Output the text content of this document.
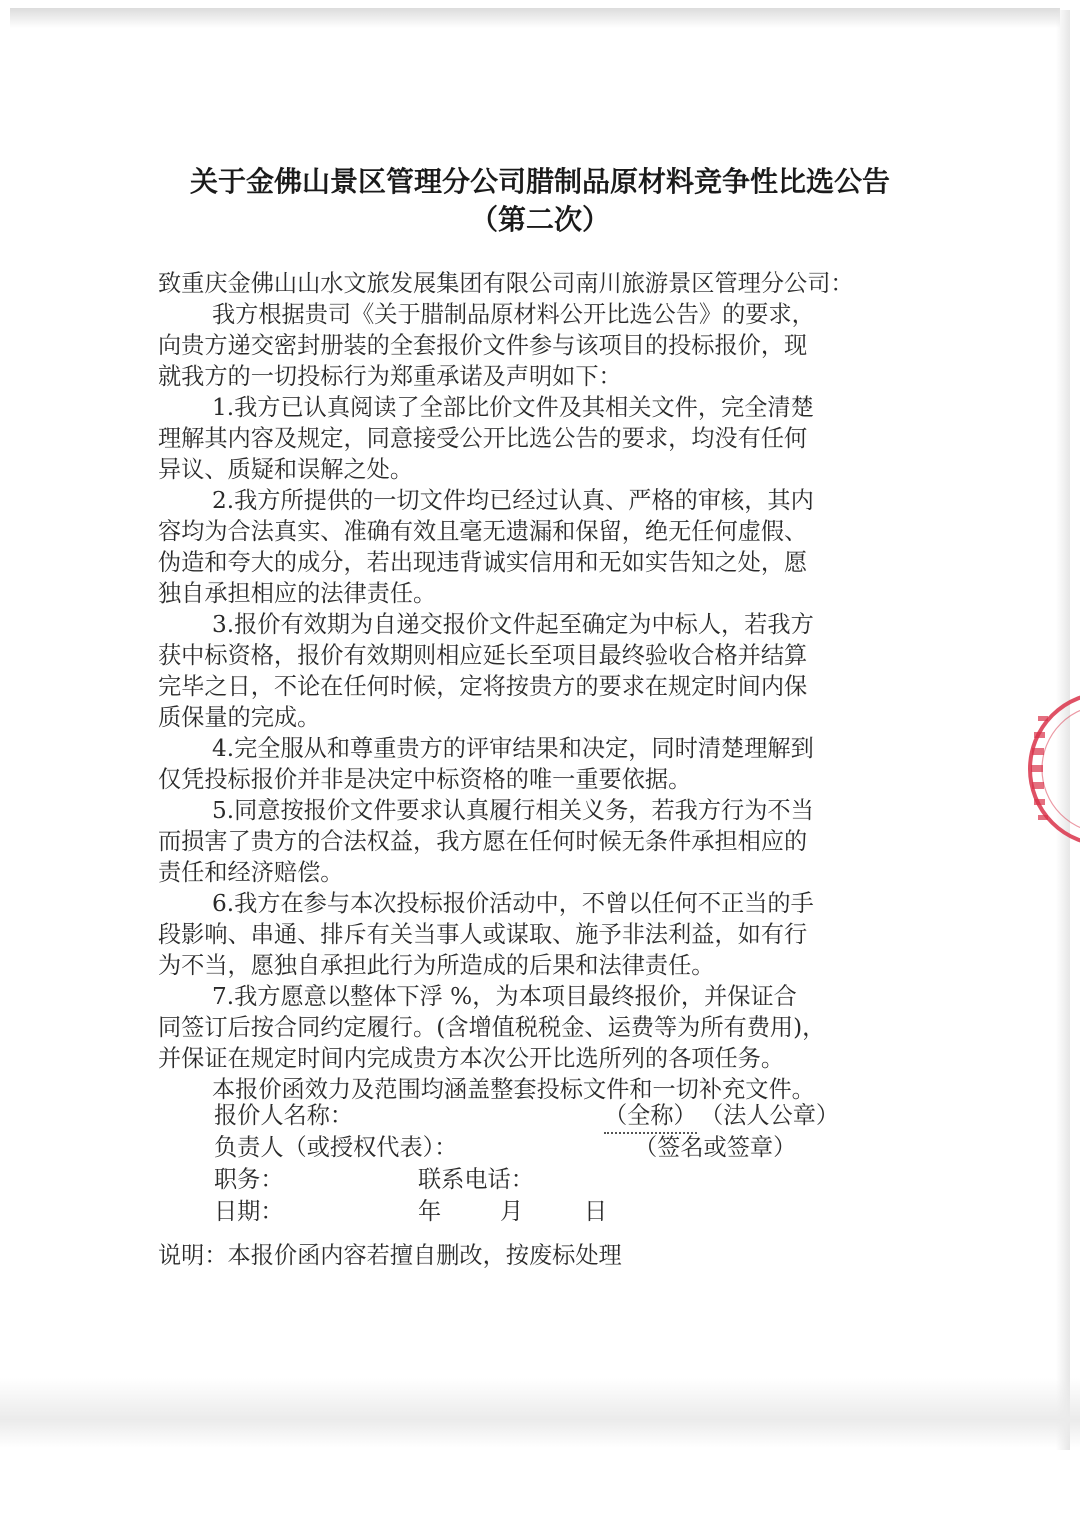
关于金佛山景区管理分公司腊制品原材料竞争性比选公告
（第二次）
致重庆金佛山山水文旅发展集团有限公司南川旅游景区管理分公司：
我方根据贵司《关于腊制品原材料公开比选公告》的要求，
向贵方递交密封册装的全套报价文件参与该项目的投标报价，现
就我方的一切投标行为郑重承诺及声明如下：
1.我方已认真阅读了全部比价文件及其相关文件，完全清楚
理解其内容及规定，同意接受公开比选公告的要求，均没有任何
异议、质疑和误解之处。
2.我方所提供的一切文件均已经过认真、严格的审核，其内
容均为合法真实、准确有效且毫无遗漏和保留，绝无任何虚假、
伪造和夸大的成分，若出现违背诚实信用和无如实告知之处，愿
独自承担相应的法律责任。
3.报价有效期为自递交报价文件起至确定为中标人，若我方
获中标资格，报价有效期则相应延长至项目最终验收合格并结算
完毕之日，不论在任何时候，定将按贵方的要求在规定时间内保
质保量的完成。
4.完全服从和尊重贵方的评审结果和决定，同时清楚理解到
仅凭投标报价并非是决定中标资格的唯一重要依据。
5.同意按报价文件要求认真履行相关义务，若我方行为不当
而损害了贵方的合法权益，我方愿在任何时候无条件承担相应的
责任和经济赔偿。
6.我方在参与本次投标报价活动中，不曾以任何不正当的手
段影响、串通、排斥有关当事人或谋取、施予非法利益，如有行
为不当，愿独自承担此行为所造成的后果和法律责任。
7.我方愿意以整体下浮 %，为本项目最终报价，并保证合
同签订后按合同约定履行。(含增值税税金、运费等为所有费用)，
并保证在规定时间内完成贵方本次公开比选所列的各项任务。
本报价函效力及范围均涵盖整套投标文件和一切补充文件。
报价人名称：	（全称） （法人公章）
负责人（或授权代表）：	（签名或签章）
职务：	联系电话：
日期：	年	月	日
说明：本报价函内容若擅自删改，按废标处理
